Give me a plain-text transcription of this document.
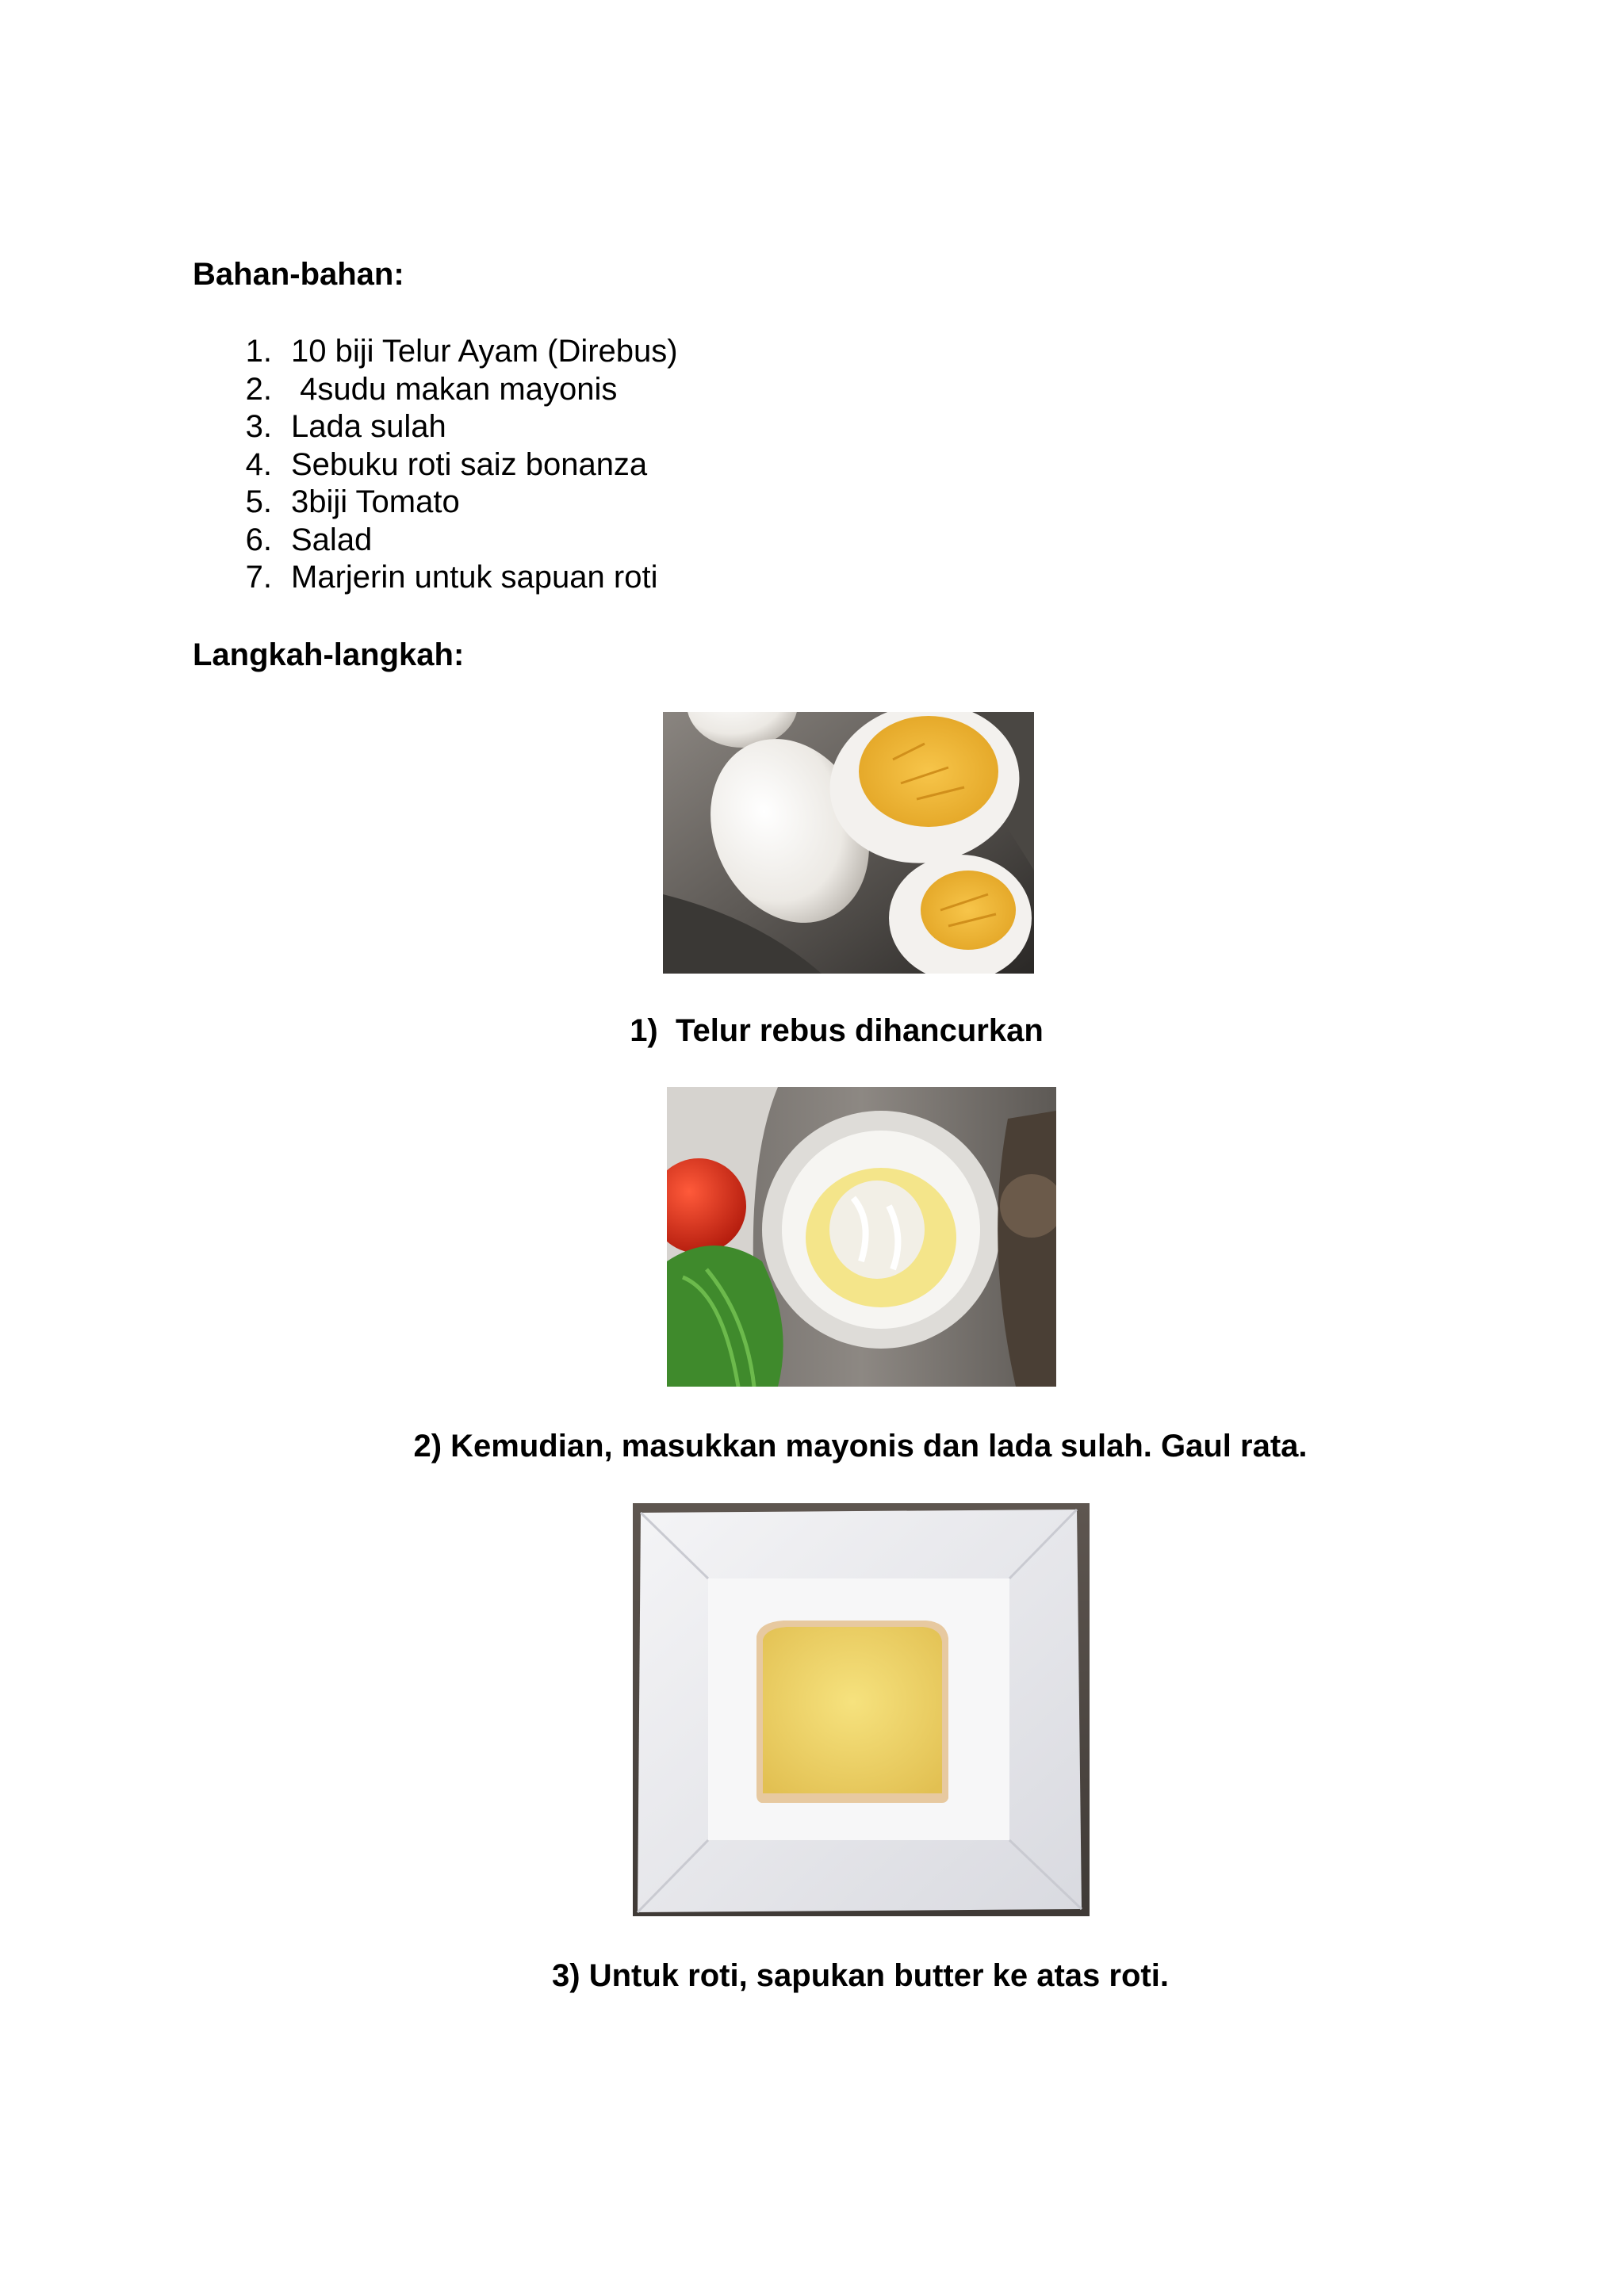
Bahan-bahan:
1. 10 biji Telur Ayam (Direbus)
2. 4sudu makan mayonis
3. Lada sulah
4. Sebuku roti saiz bonanza
5. 3biji Tomato
6. Salad
7. Marjerin untuk sapuan roti
Langkah-langkah:

1)  Telur rebus dihancurkan

2) Kemudian, masukkan mayonis dan lada sulah. Gaul rata.

3) Untuk roti, sapukan butter ke atas roti.
